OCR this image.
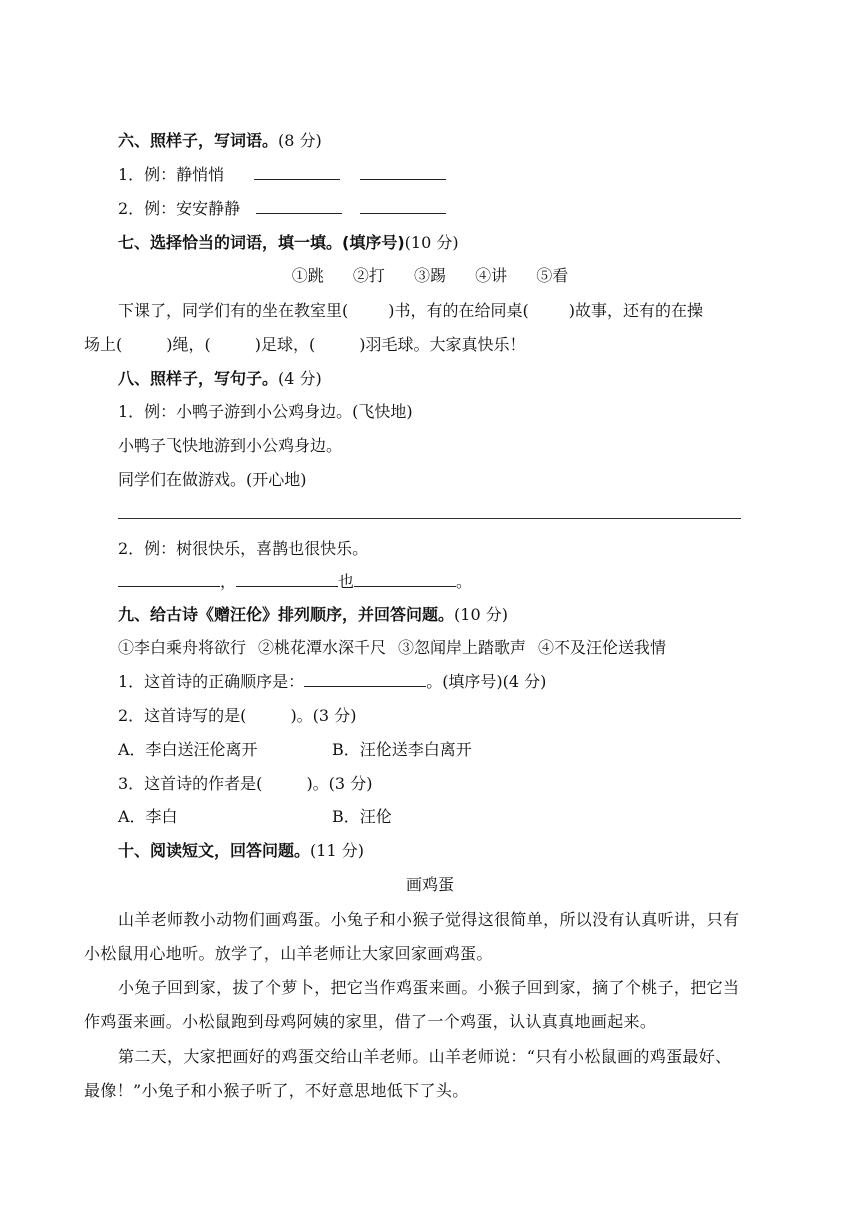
六、照样子，写词语。(8 分)
1．例：静悄悄
2．例：安安静静
七、选择恰当的词语，填一填。(填序号)(10 分)
①跳 ②打 ③踢 ④讲 ⑤看
下课了，同学们有的坐在教室里(	)书，有的在给同桌(	)故事，还有的在操
场上(	)绳，(	)足球，(	)羽毛球。大家真快乐！
八、照样子，写句子。(4 分)
1．例：小鸭子游到小公鸡身边。(飞快地)
小鸭子飞快地游到小公鸡身边。
同学们在做游戏。(开心地)
2．例：树很快乐，喜鹊也很快乐。
，	也	。
九、给古诗《赠汪伦》排列顺序，并回答问题。(10 分)
①李白乘舟将欲行 ②桃花潭水深千尺 ③忽闻岸上踏歌声 ④不及汪伦送我情
1．这首诗的正确顺序是：	。(填序号)(4 分)
2．这首诗写的是(	)。(3 分)
A．李白送汪伦离开	B．汪伦送李白离开
3．这首诗的作者是(	)。(3 分)
A．李白	B．汪伦
十、阅读短文，回答问题。(11 分)
画鸡蛋
山羊老师教小动物们画鸡蛋。小兔子和小猴子觉得这很简单，所以没有认真听讲，只有
小松鼠用心地听。放学了，山羊老师让大家回家画鸡蛋。
小兔子回到家，拔了个萝卜，把它当作鸡蛋来画。小猴子回到家，摘了个桃子，把它当
作鸡蛋来画。小松鼠跑到母鸡阿姨的家里，借了一个鸡蛋，认认真真地画起来。
第二天，大家把画好的鸡蛋交给山羊老师。山羊老师说：“只有小松鼠画的鸡蛋最好、
最像！”小兔子和小猴子听了，不好意思地低下了头。
